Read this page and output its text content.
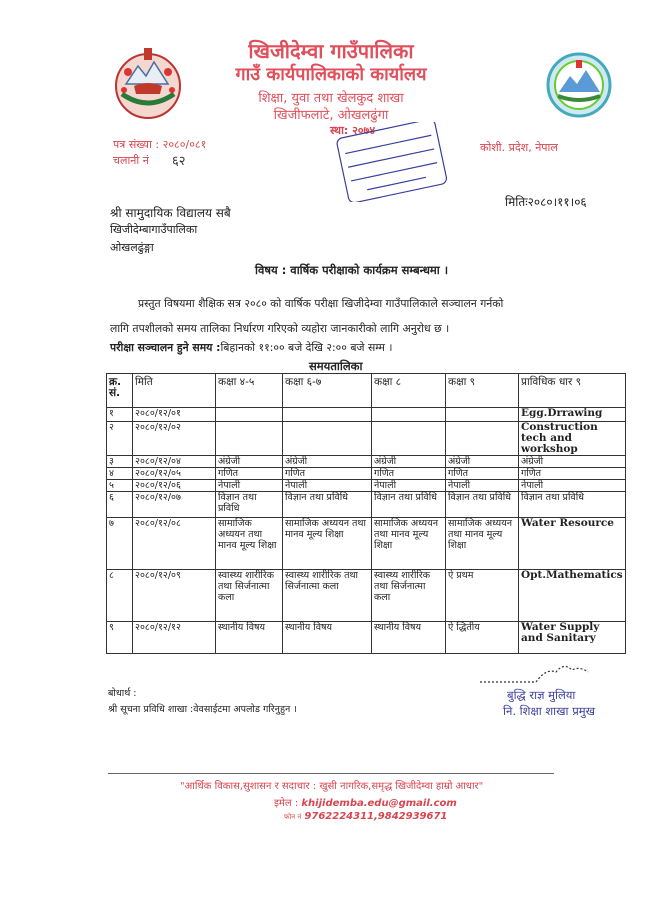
खिजीदेम्वा गाउँपालिका
गाउँ कार्यपालिकाको कार्यालय
शिक्षा, युवा तथा खेलकुद शाखा
खिजीफलाटे, ओखलढुंगा
स्था: २०७४
पत्र संख्या : २०८०/०८१
चलानी नं ६२
कोशी. प्रदेश, नेपाल
मितिः२०८०।११।०६
श्री सामुदायिक विद्यालय सबै
खिजीदेम्बागाउँपालिका
ओखलढुंङ्गा
विषय : वार्षिक परीक्षाको कार्यक्रम सम्बन्धमा ।
प्रस्तुत विषयमा शैक्षिक सत्र २०८० को वार्षिक परीक्षा खिजीदेम्वा गाउँपालिकाले सञ्चालन गर्नको
लागि तपशीलको समय तालिका निर्धारण गरिएको व्यहोरा जानकारीको लागि अनुरोध छ ।
परीक्षा सञ्चालन हुने समय :बिहानको ११:०० बजे देखि २:०० बजे सम्म ।
समयतालिका
क्र. सं.	मिति	कक्षा ४-५	कक्षा ६-७	कक्षा ८	कक्षा ९	प्राविधिक धार ९
१	२०८०/१२/०१					Egg.Drrawing
२	२०८०/१२/०२					Construction tech and workshop
३	२०८०/१२/०४	अंग्रेजी	अंग्रेजी	अंग्रेजी	अंग्रेजी	अंग्रेजी
४	२०८०/१२/०५	गणित	गणित	गणित	गणित	गणित
५	२०८०/१२/०६	नेपाली	नेपाली	नेपाली	नेपाली	नेपाली
६	२०८०/१२/०७	विज्ञान तथा प्रविधि	विज्ञान तथा प्रविधि	विज्ञान तथा प्रविधि	विज्ञान तथा प्रविधि	विज्ञान तथा प्रविधि
७	२०८०/१२/०८	सामाजिक अध्ययन तथा मानव मूल्य शिक्षा	सामाजिक अध्ययन तथा मानव मूल्य शिक्षा	सामाजिक अध्ययन तथा मानव मूल्य शिक्षा	सामाजिक अध्ययन तथा मानव मूल्य शिक्षा	Water Resource
८	२०८०/१२/०९	स्वास्थ्य शारीरिक तथा सिर्जनात्मा कला	स्वास्थ्य शारीरिक तथा सिर्जनात्मा कला	स्वास्थ्य शारीरिक तथा सिर्जनात्मा कला	ऐ प्रथम	Opt.Mathematics
९	२०८०/१२/१२	स्थानीय विषय	स्थानीय विषय	स्थानीय विषय	ऐ द्धितीय	Water Supply and Sanitary
बुद्धि राज्ञ मुलिया
नि. शिक्षा शाखा प्रमुख
बोधार्थ :
श्री सूचना प्रविधि शाखा :वेवसाईटमा अपलोड गरिनुहुन ।
"आर्थिक विकास,सुशासन र सदाचार : खुसी नागरिक,समृद्ध खिजीदेम्वा हाम्रो आधार"
इमेल : khijidemba.edu@gmail.com
फोन नं 9762224311,9842939671
